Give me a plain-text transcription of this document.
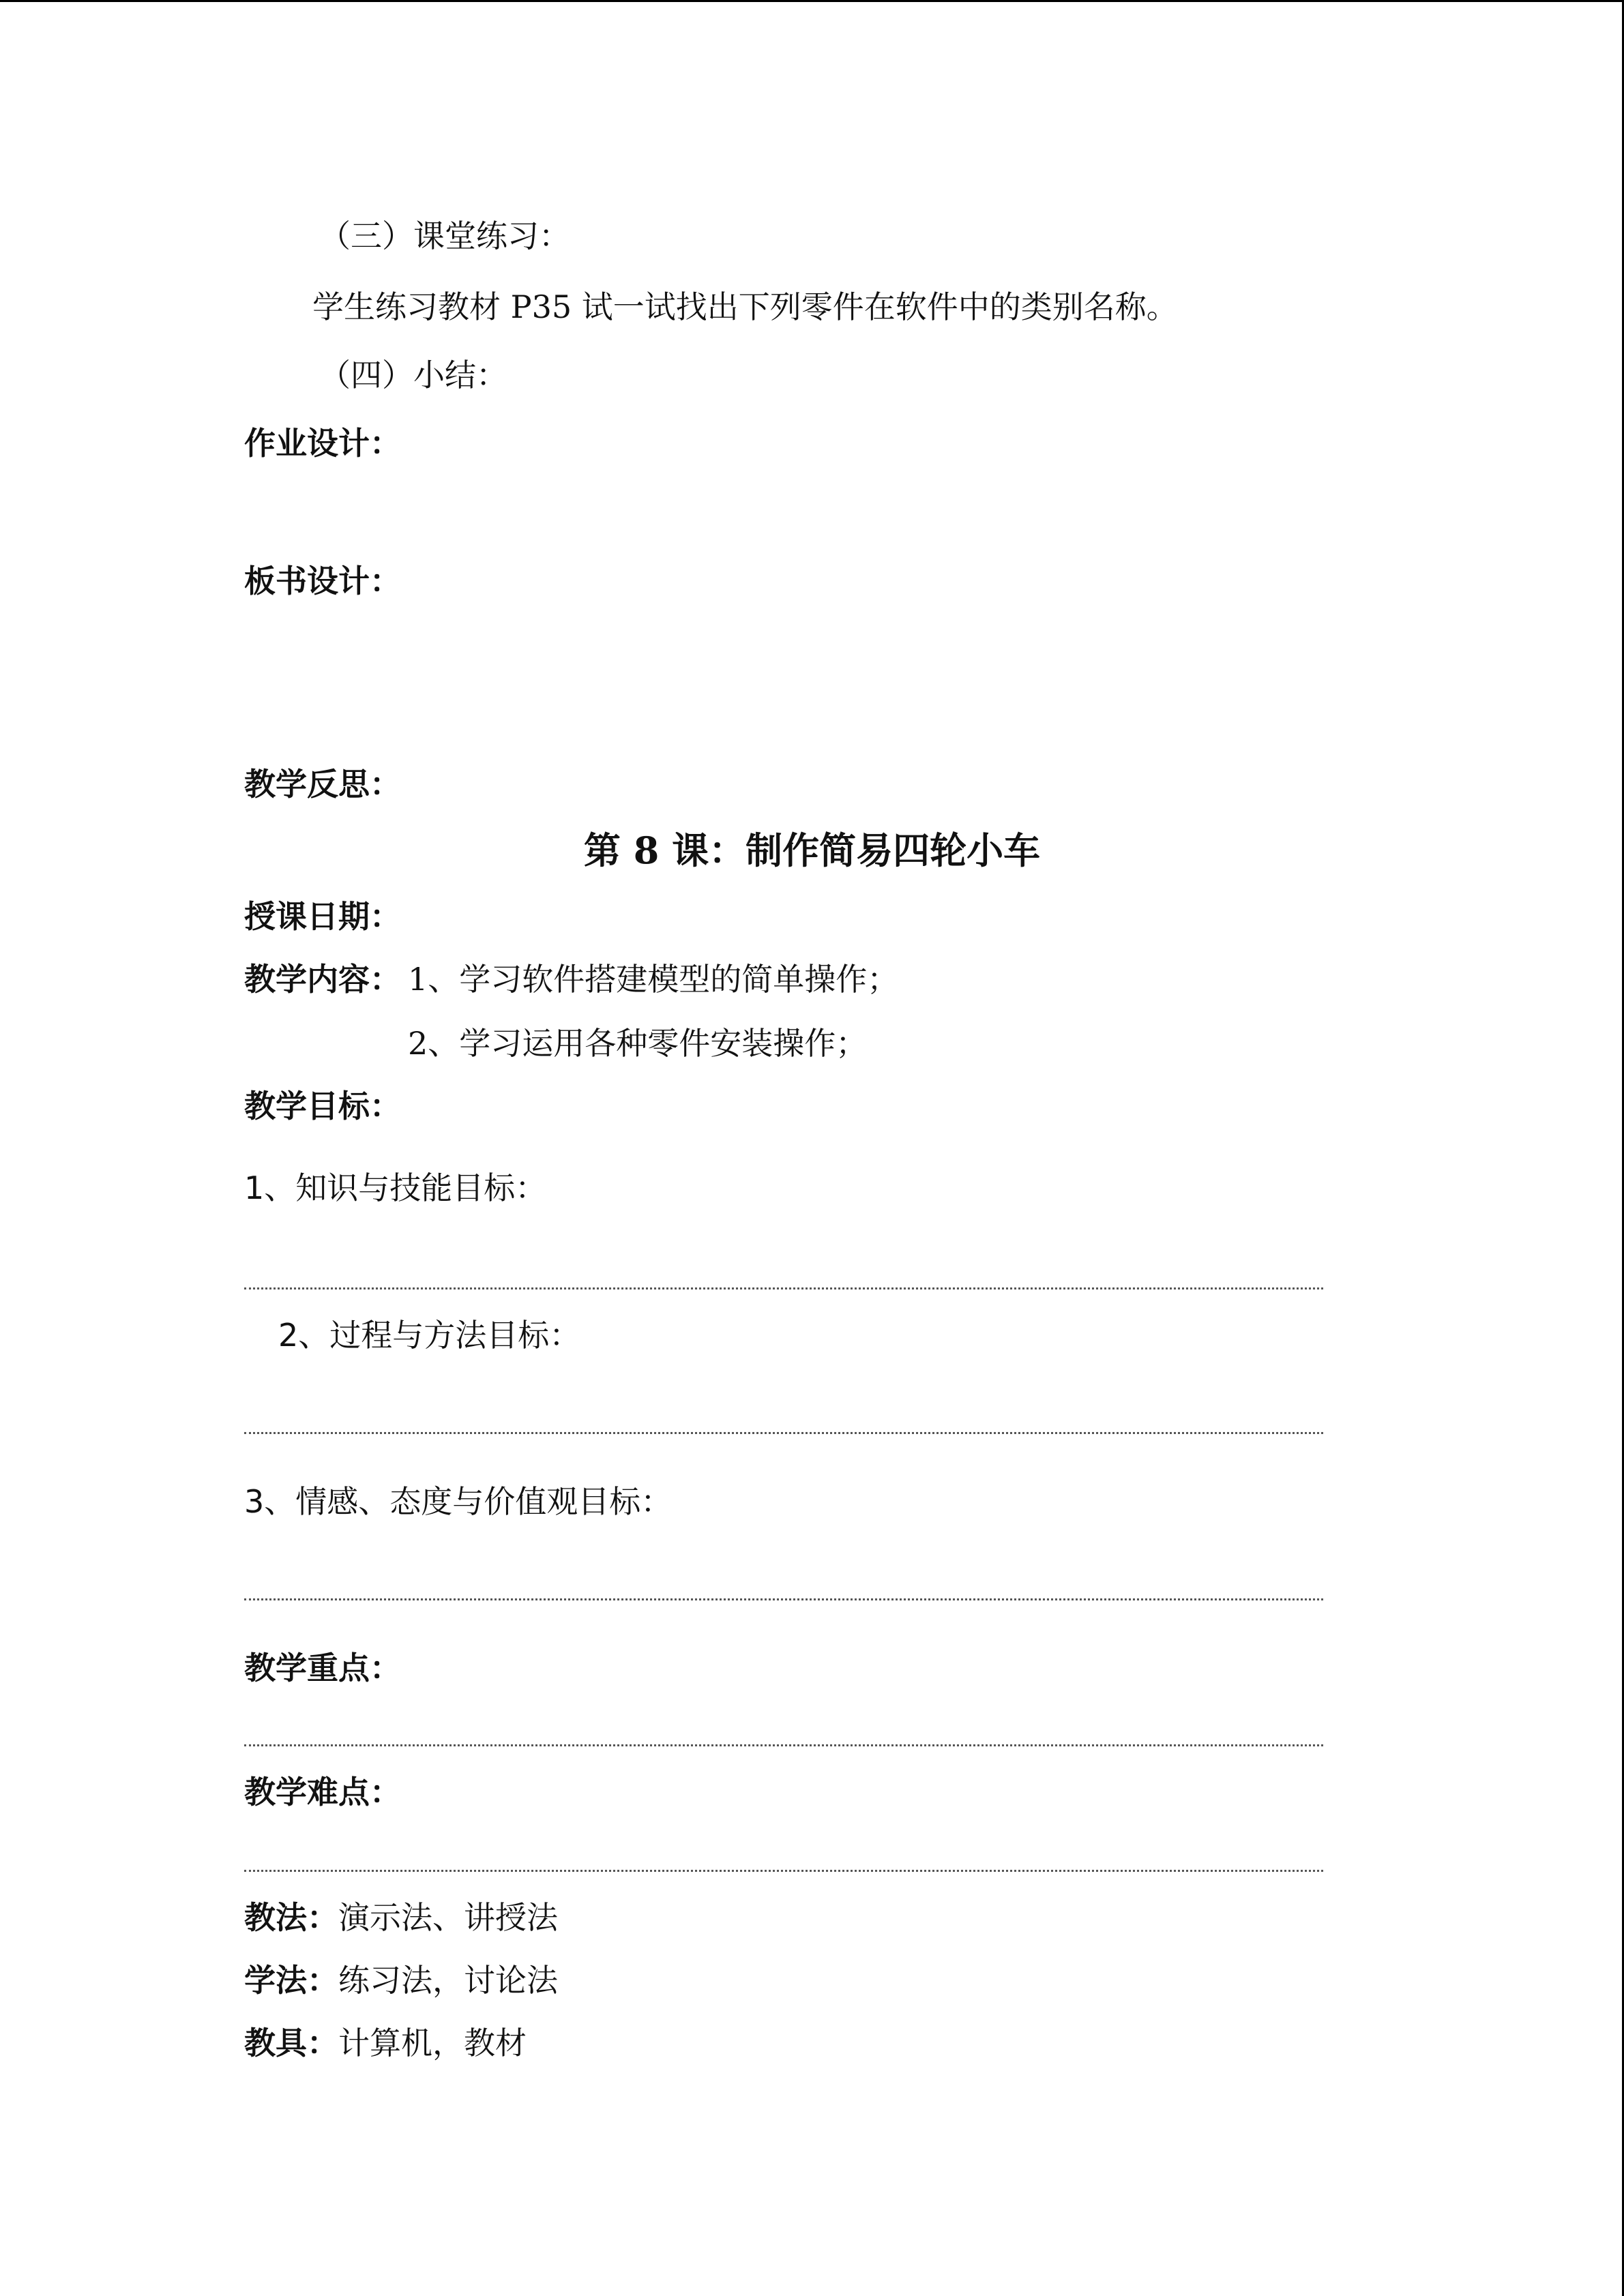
（三）课堂练习：
学生练习教材 P35 试一试找出下列零件在软件中的类别名称。
（四）小结：
作业设计：
板书设计：
教学反思：
第 8 课：制作简易四轮小车
授课日期：
教学内容： 1、学习软件搭建模型的简单操作；
2、学习运用各种零件安装操作；
教学目标：
1、知识与技能目标：
2、过程与方法目标：
3、情感、态度与价值观目标：
教学重点：
教学难点：
教法：演示法、讲授法
学法：练习法，讨论法
教具：计算机，教材
